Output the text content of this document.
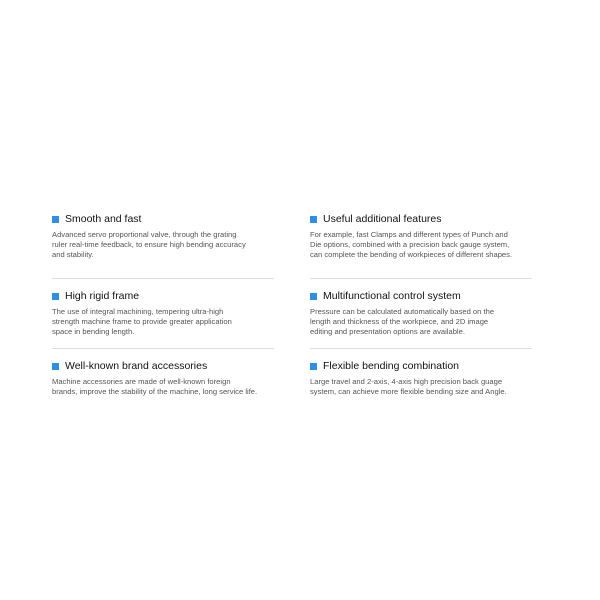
Smooth and fast
Advanced servo proportional valve, through the grating
ruler real-time feedback, to ensure high bending accuracy
and stability.
Useful additional features
For example, fast Clamps and different types of Punch and
Die options, combined with a precision back gauge system,
can complete the bending of workpieces of different shapes.
High rigid frame
The use of integral machining, tempering ultra-high
strength machine frame to provide greater application
space in bending length.
Multifunctional control system
Pressure can be calculated automatically based on the
length and thickness of the workpiece, and 2D image
editing and presentation options are available.
Well-known brand accessories
Machine accessories are made of well-known foreign
brands, improve the stability of the machine, long service life.
Flexible bending combination
Large travel and 2-axis, 4-axis high precision back guage
system, can achieve more flexible bending size and Angle.
